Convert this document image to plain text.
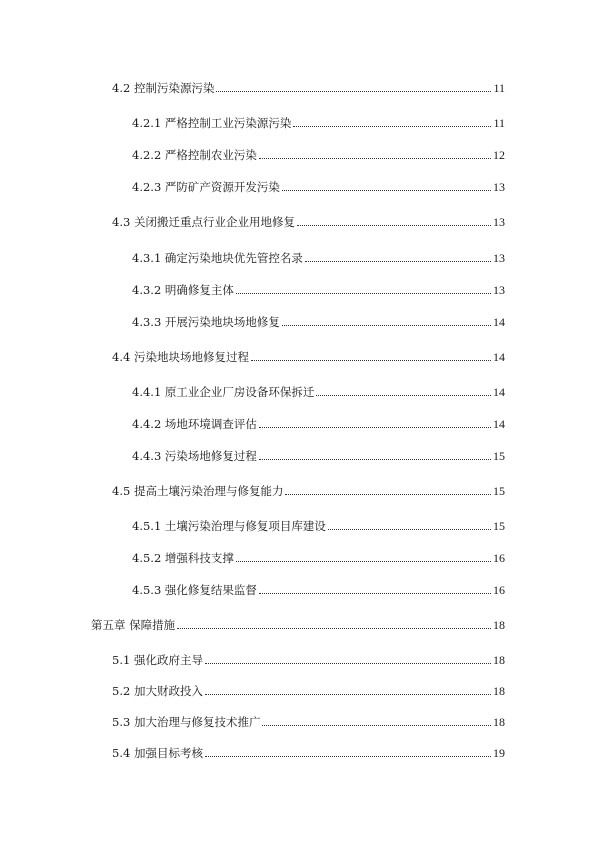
4.2 控制污染源污染	11
4.2.1 严格控制工业污染源污染	11
4.2.2 严格控制农业污染	12
4.2.3 严防矿产资源开发污染	13
4.3 关闭搬迁重点行业企业用地修复	13
4.3.1 确定污染地块优先管控名录	13
4.3.2 明确修复主体	13
4.3.3 开展污染地块场地修复	14
4.4 污染地块场地修复过程	14
4.4.1 原工业企业厂房设备环保拆迁	14
4.4.2 场地环境调查评估	14
4.4.3 污染场地修复过程	15
4.5 提高土壤污染治理与修复能力	15
4.5.1 土壤污染治理与修复项目库建设	15
4.5.2 增强科技支撑	16
4.5.3 强化修复结果监督	16
第五章 保障措施	18
5.1 强化政府主导	18
5.2 加大财政投入	18
5.3 加大治理与修复技术推广	18
5.4 加强目标考核	19
